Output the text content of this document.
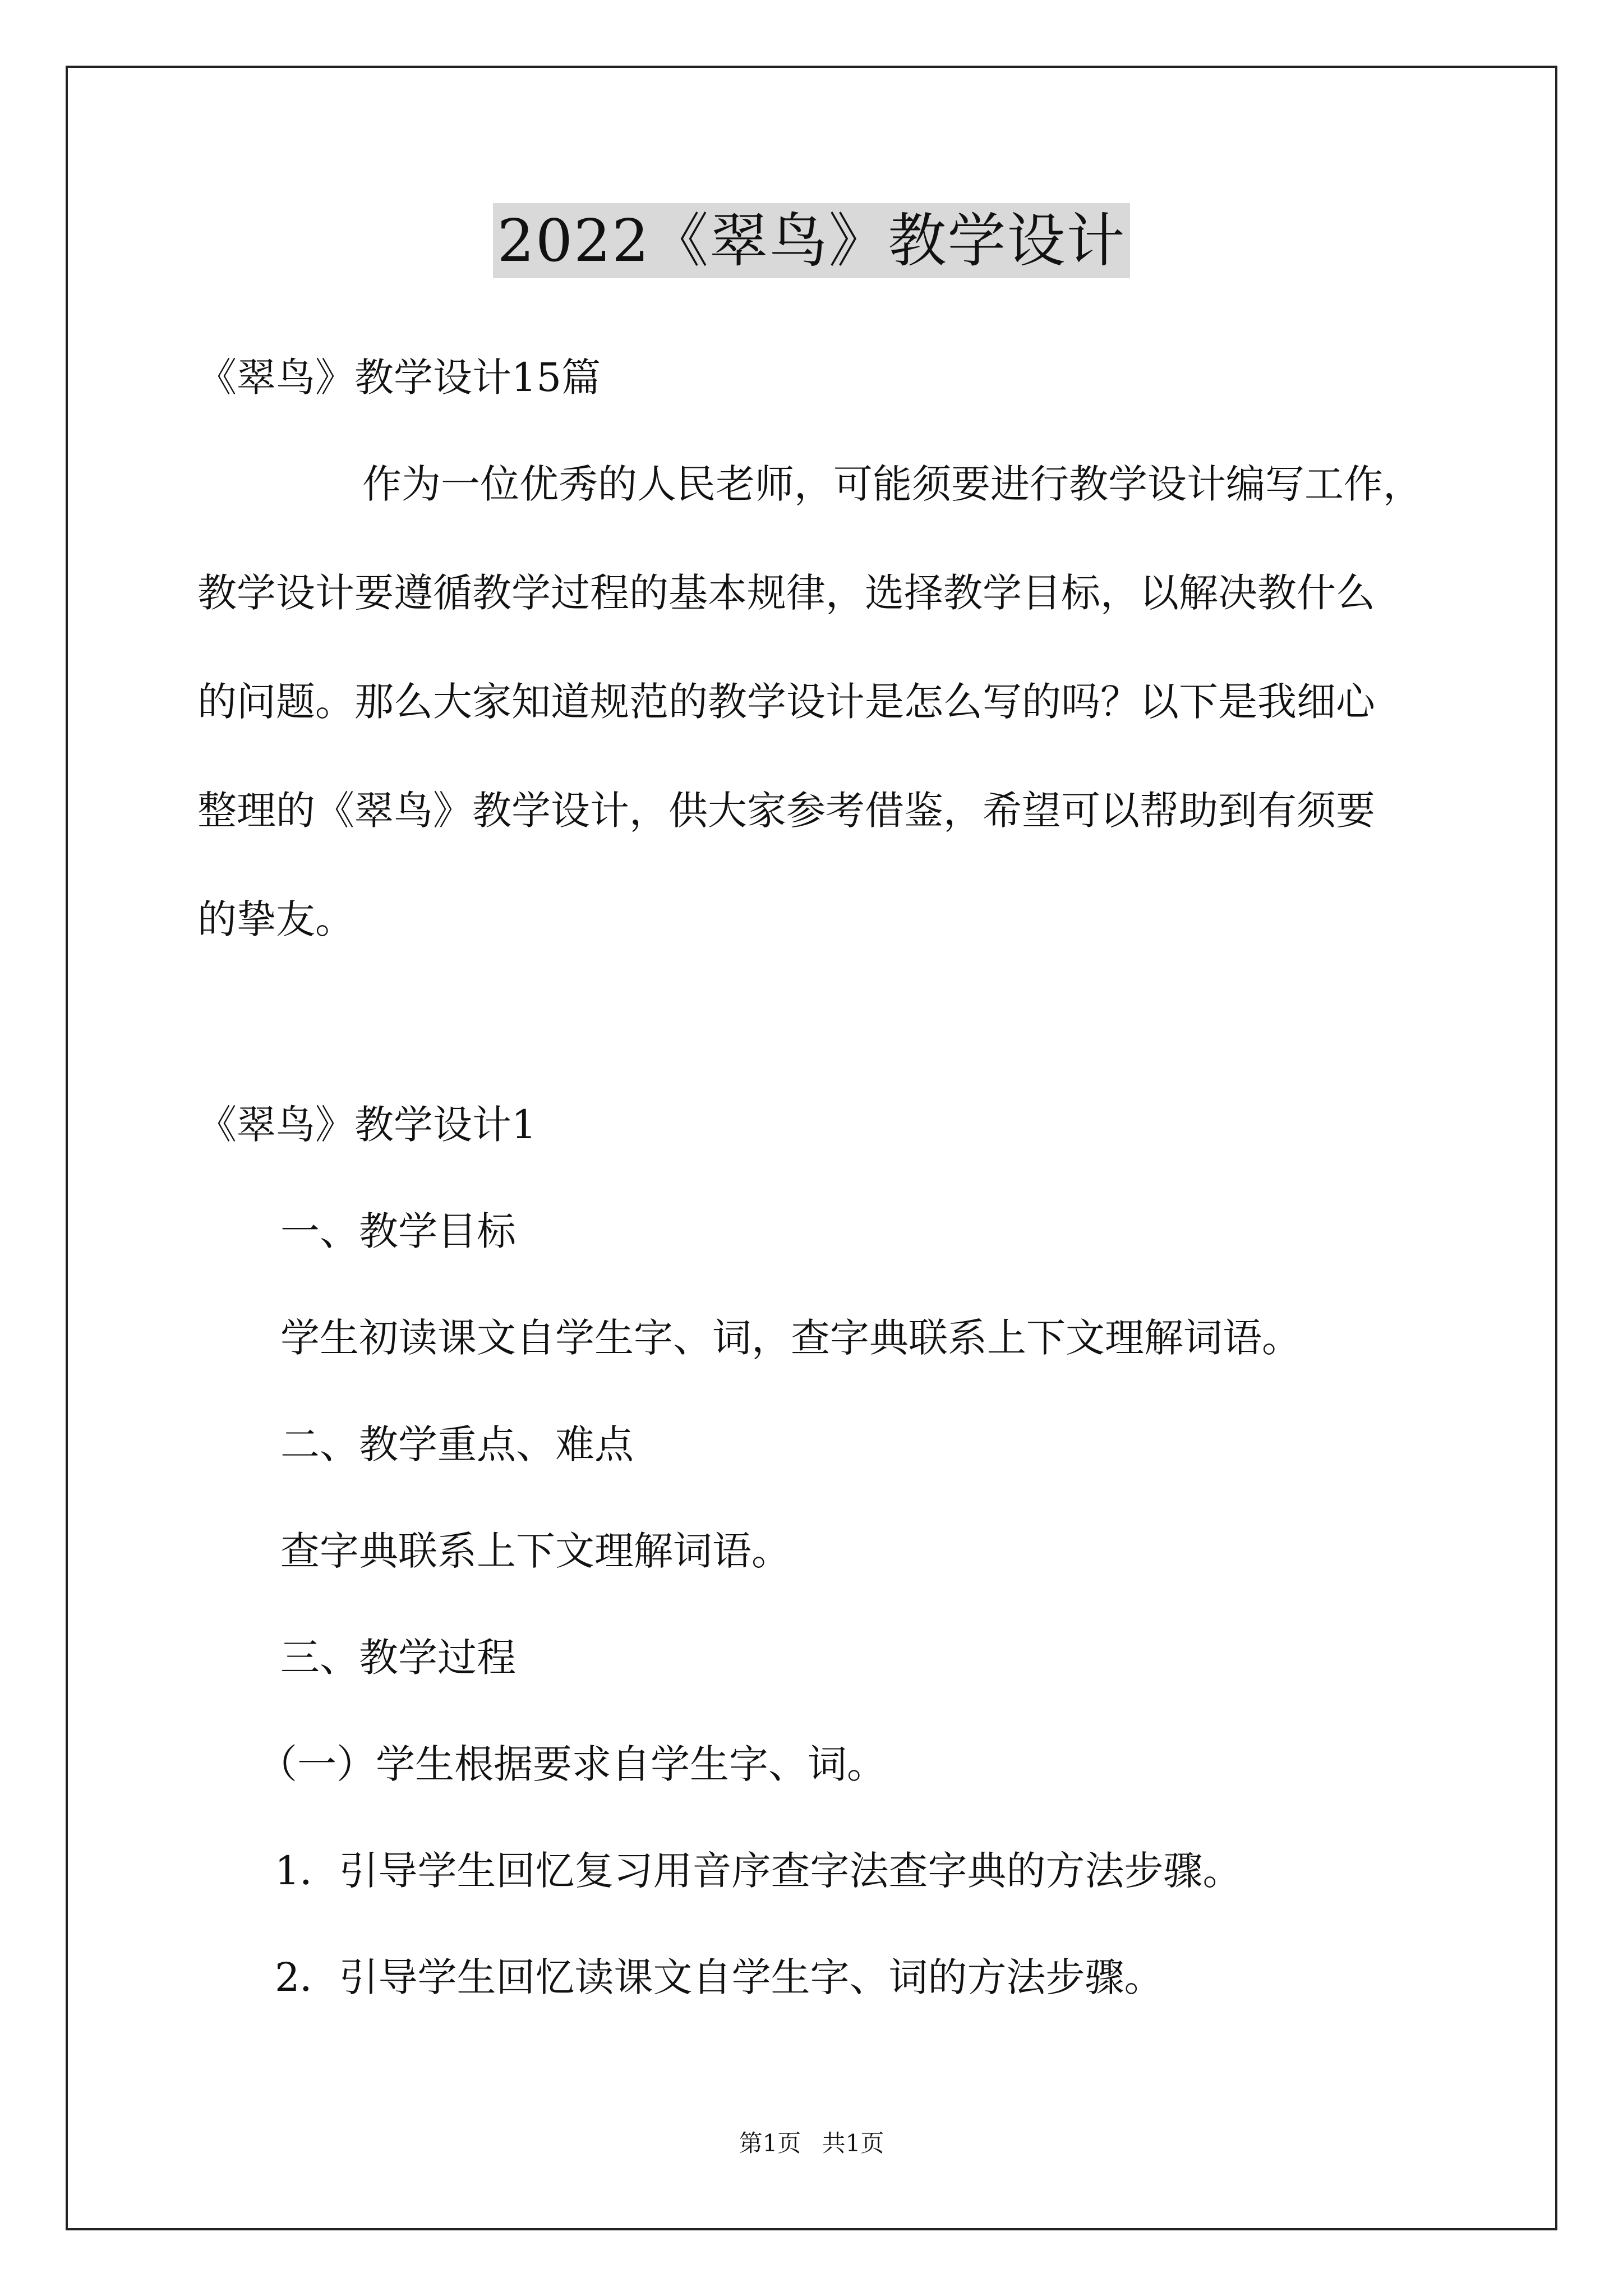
2022《翠鸟》教学设计
《翠鸟》教学设计15篇
作为一位优秀的人民老师，可能须要进行教学设计编写工作，
教学设计要遵循教学过程的基本规律，选择教学目标，以解决教什么
的问题。那么大家知道规范的教学设计是怎么写的吗？以下是我细心
整理的《翠鸟》教学设计，供大家参考借鉴，希望可以帮助到有须要
的挚友。
《翠鸟》教学设计1
一、教学目标
学生初读课文自学生字、词，查字典联系上下文理解词语。
二、教学重点、难点
查字典联系上下文理解词语。
三、教学过程
（一）学生根据要求自学生字、词。
1．引导学生回忆复习用音序查字法查字典的方法步骤。
2．引导学生回忆读课文自学生字、词的方法步骤。
第1页 共1页
